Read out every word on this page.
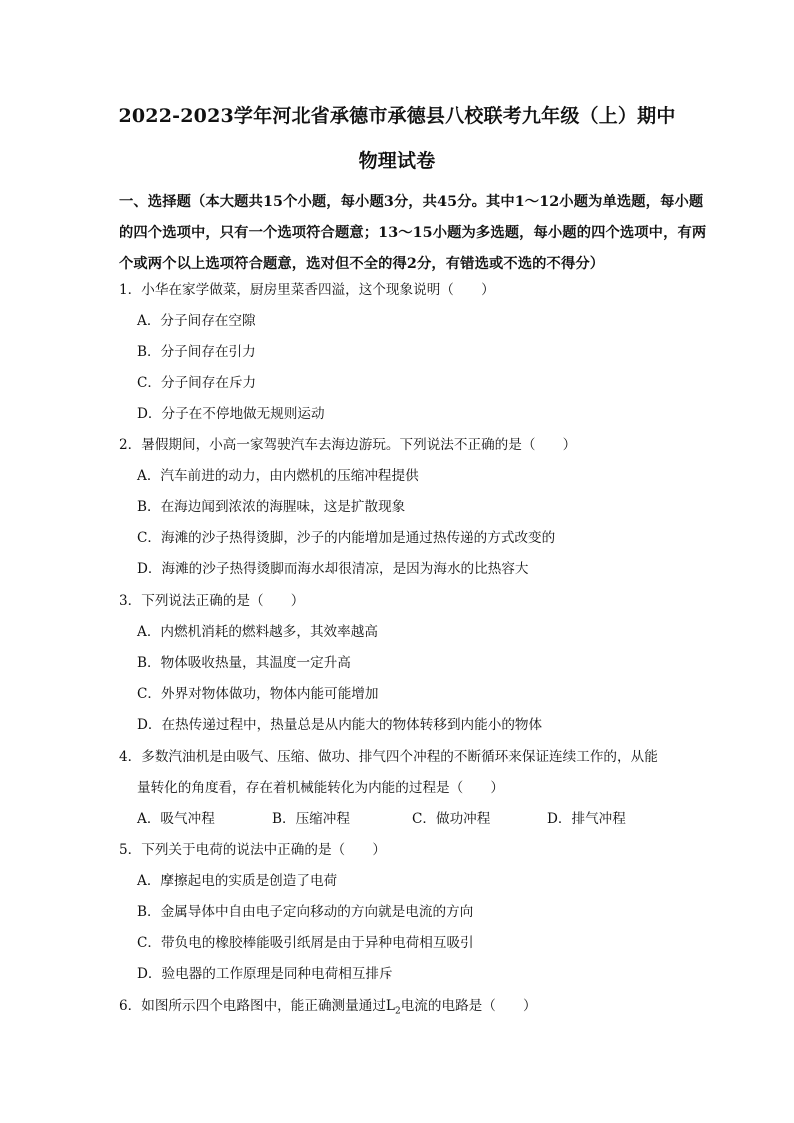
2022-2023学年河北省承德市承德县八校联考九年级（上）期中
物理试卷
一、选择题（本大题共15个小题，每小题3分，共45分。其中1～12小题为单选题，每小题的四个选项中，只有一个选项符合题意；13～15小题为多选题，每小题的四个选项中，有两个或两个以上选项符合题意，选对但不全的得2分，有错选或不选的不得分）
1．小华在家学做菜，厨房里菜香四溢，这个现象说明（　　）
A．分子间存在空隙
B．分子间存在引力
C．分子间存在斥力
D．分子在不停地做无规则运动
2．暑假期间，小高一家驾驶汽车去海边游玩。下列说法不正确的是（　　）
A．汽车前进的动力，由内燃机的压缩冲程提供
B．在海边闻到浓浓的海腥味，这是扩散现象
C．海滩的沙子热得烫脚，沙子的内能增加是通过热传递的方式改变的
D．海滩的沙子热得烫脚而海水却很清凉，是因为海水的比热容大
3．下列说法正确的是（　　）
A．内燃机消耗的燃料越多，其效率越高
B．物体吸收热量，其温度一定升高
C．外界对物体做功，物体内能可能增加
D．在热传递过程中，热量总是从内能大的物体转移到内能小的物体
4．多数汽油机是由吸气、压缩、做功、排气四个冲程的不断循环来保证连续工作的，从能
量转化的角度看，存在着机械能转化为内能的过程是（　　）
A．吸气冲程	B．压缩冲程	C．做功冲程	D．排气冲程
5．下列关于电荷的说法中正确的是（　　）
A．摩擦起电的实质是创造了电荷
B．金属导体中自由电子定向移动的方向就是电流的方向
C．带负电的橡胶棒能吸引纸屑是由于异种电荷相互吸引
D．验电器的工作原理是同种电荷相互排斥
6．如图所示四个电路图中，能正确测量通过$L_2$电流的电路是（　　）
